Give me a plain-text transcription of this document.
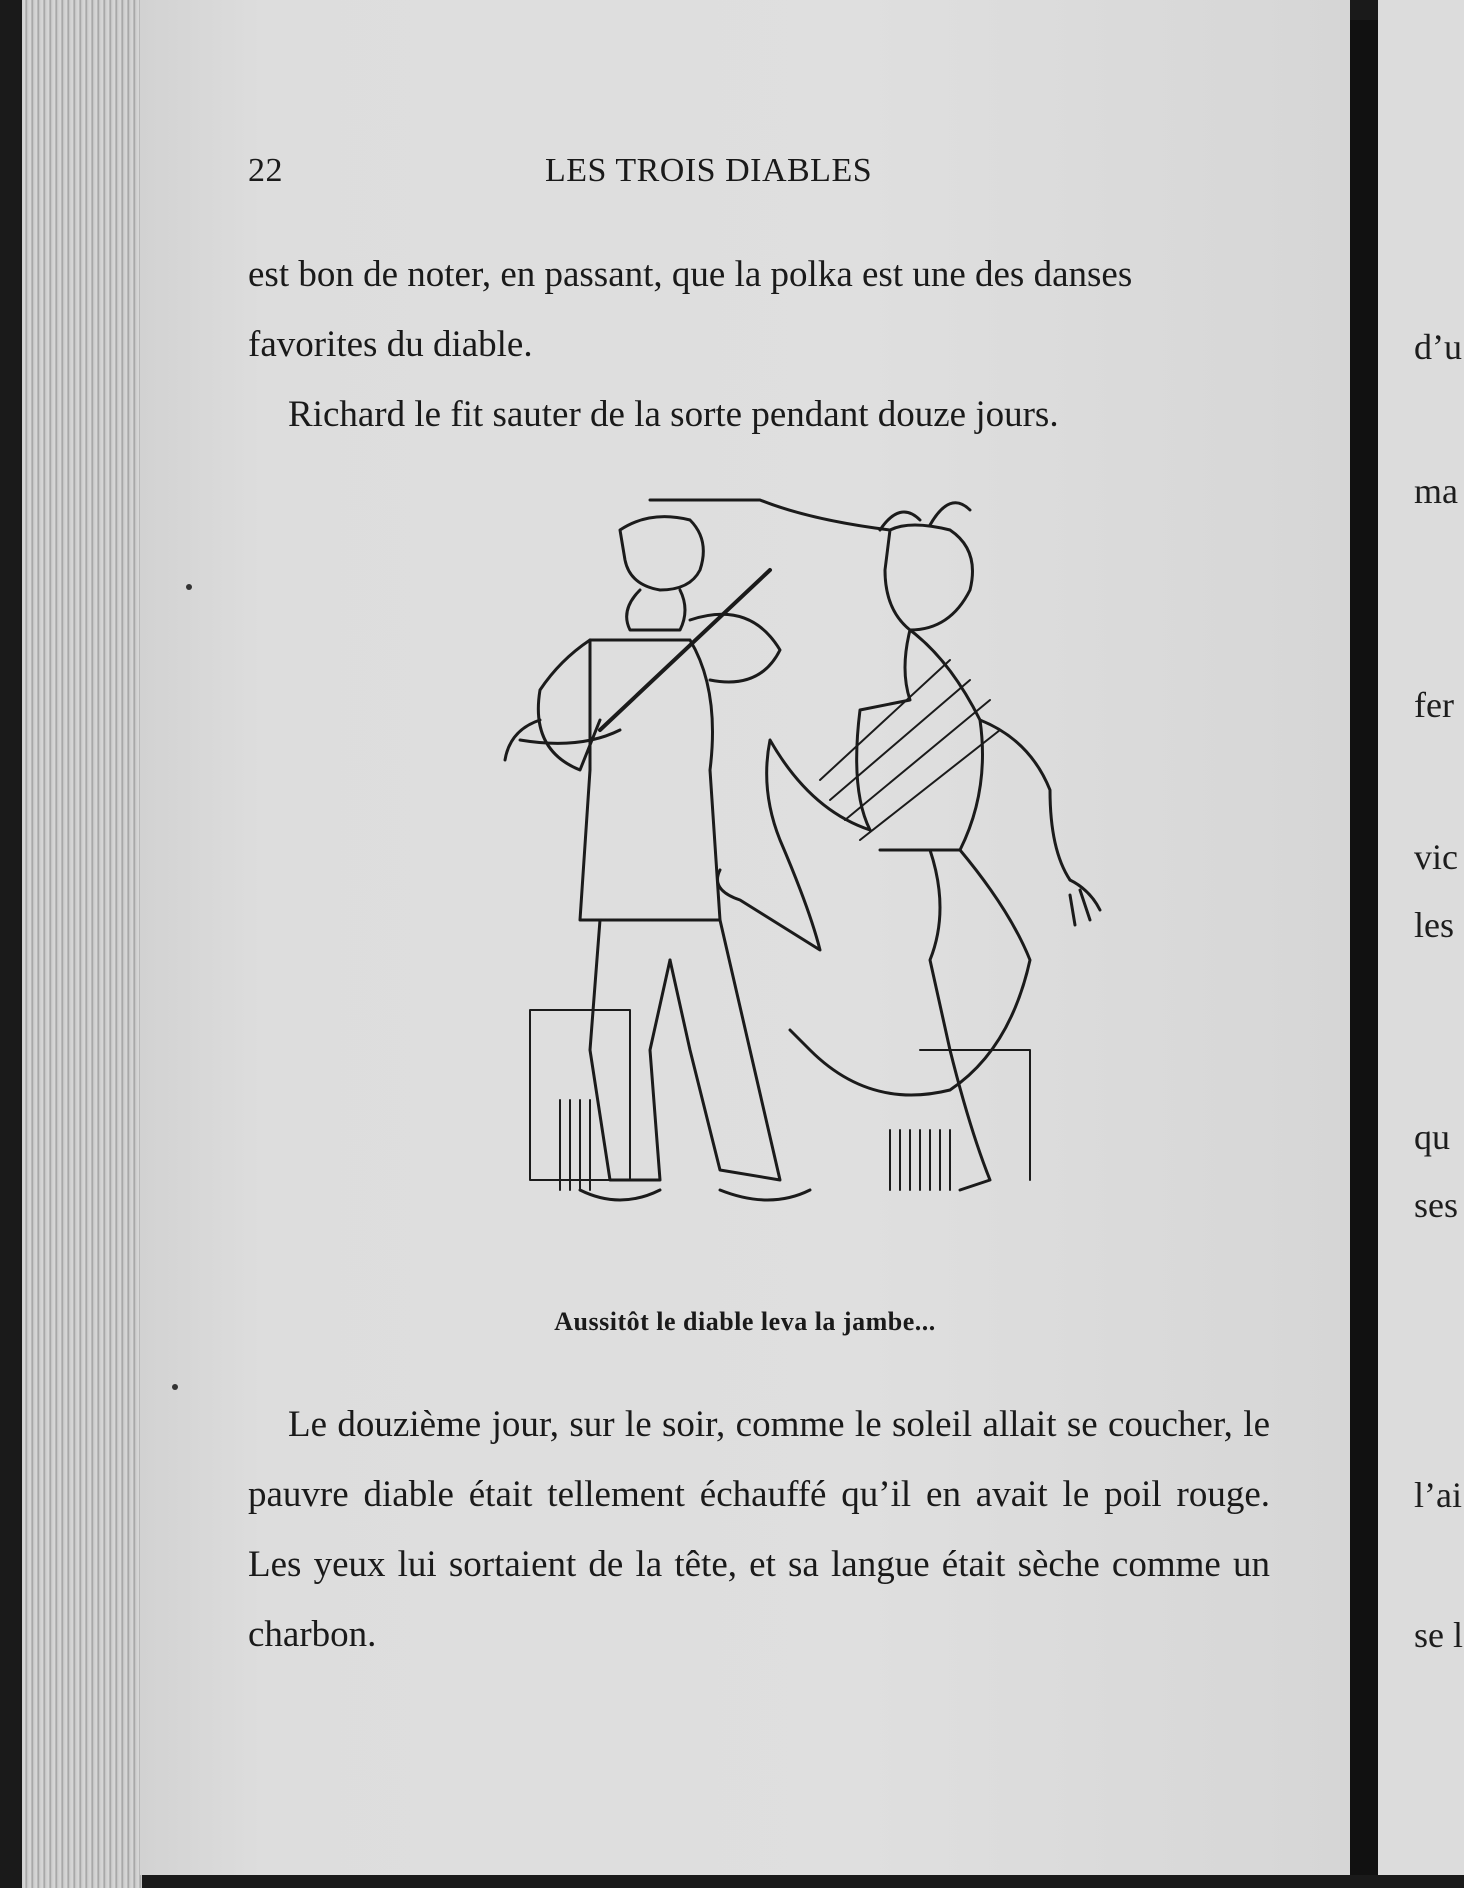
22	LES TROIS DIABLES

est bon de noter, en passant, que la polka est une des danses favorites du diable.

Richard le fit sauter de la sorte pendant douze jours.

Aussitôt le diable leva la jambe...

Le douzième jour, sur le soir, comme le soleil allait se coucher, le pauvre diable était tellement échauffé qu’il en avait le poil rouge. Les yeux lui sortaient de la tête, et sa langue était sèche comme un charbon.

d’u
ma
fer
vic
les
qu
ses
l’ai
se l
